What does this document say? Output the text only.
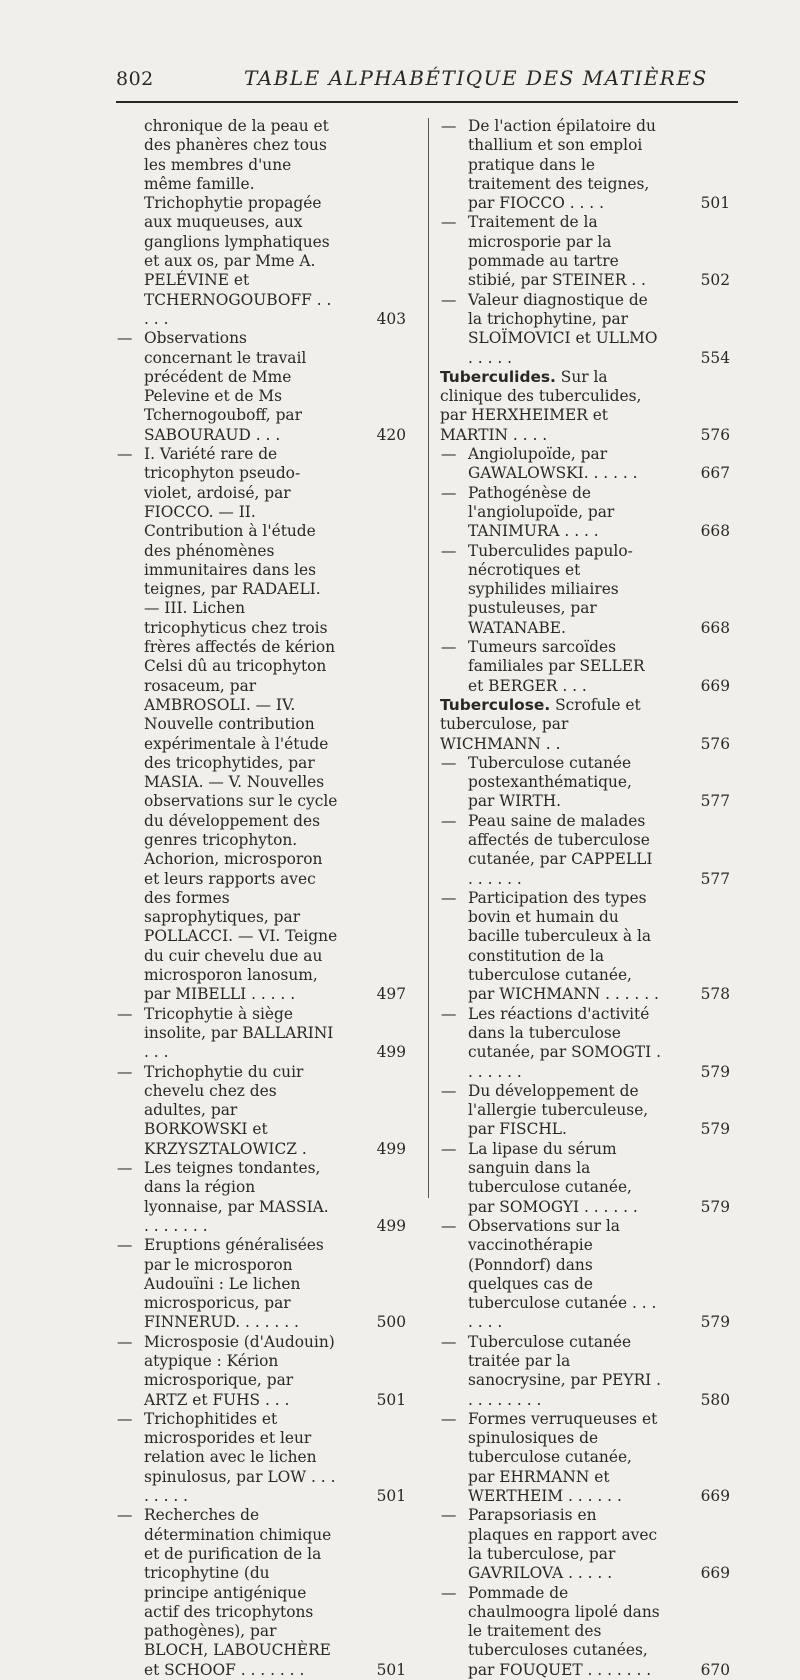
802	TABLE ALPHABÉTIQUE DES MATIÈRES
chronique de la peau et des phanères chez tous les membres d'une même famille. Trichophytie propagée aux muqueuses, aux ganglions lymphatiques et aux os, par Mme A. PELÉVINE et TCHERNOGOUBOFF . . . . .	403
— Observations concernant le travail précédent de Mme Pelevine et de Ms Tchernogouboff, par SABOURAUD . . .	420
— I. Variété rare de tricophyton pseudo-violet, ardoisé, par FIOCCO. — II. Contribution à l'étude des phénomènes immunitaires dans les teignes, par RADAELI. — III. Lichen tricophyticus chez trois frères affectés de kérion Celsi dû au tricophyton rosaceum, par AMBROSOLI. — IV. Nouvelle contribution expérimentale à l'étude des tricophytides, par MASIA. — V. Nouvelles observations sur le cycle du développement des genres tricophyton. Achorion, microsporon et leurs rapports avec des formes saprophytiques, par POLLACCI. — VI. Teigne du cuir chevelu due au microsporon lanosum, par MIBELLI . . . . .	497
— Tricophytie à siège insolite, par BALLARINI . . .	499
— Trichophytie du cuir chevelu chez des adultes, par BORKOWSKI et KRZYSZTALOWICZ .	499
— Les teignes tondantes, dans la région lyonnaise, par MASSIA. . . . . . . .	499
— Eruptions généralisées par le microsporon Audouïni : Le lichen microsporicus, par FINNERUD. . . . . . .	500
— Microsposie (d'Audouin) atypique : Kérion microsporique, par ARTZ et FUHS . . .	501
— Trichophitides et microsporides et leur relation avec le lichen spinulosus, par LOW . . . . . . . .	501
— Recherches de détermination chimique et de purification de la tricophytine (du principe antigénique actif des tricophytons pathogènes), par BLOCH, LABOUCHÈRE et SCHOOF . . . . . . .	501
— De l'action épilatoire du thallium et son emploi pratique dans le traitement des teignes, par FIOCCO . . . .	501
— Traitement de la microsporie par la pommade au tartre stibié, par STEINER . .	502
— Valeur diagnostique de la trichophytine, par SLOÏMOVICI et ULLMO . . . . .	554
Tuberculides. Sur la clinique des tuberculides, par HERXHEIMER et MARTIN . . . .	576
— Angiolupoïde, par GAWALOWSKI. . . . . .	667
— Pathogénèse de l'angiolupoïde, par TANIMURA . . . .	668
— Tuberculides papulo-nécrotiques et syphilides miliaires pustuleuses, par WATANABE.	668
— Tumeurs sarcoïdes familiales par SELLER et BERGER . . .	669
Tuberculose. Scrofule et tuberculose, par WICHMANN . .	576
— Tuberculose cutanée postexanthématique, par WIRTH.	577
— Peau saine de malades affectés de tuberculose cutanée, par CAPPELLI . . . . . .	577
— Participation des types bovin et humain du bacille tuberculeux à la constitution de la tuberculose cutanée, par WICHMANN . . . . . .	578
— Les réactions d'activité dans la tuberculose cutanée, par SOMOGTI . . . . . . .	579
— Du développement de l'allergie tuberculeuse, par FISCHL.	579
— La lipase du sérum sanguin dans la tuberculose cutanée, par SOMOGYI . . . . . .	579
— Observations sur la vaccinothérapie (Ponndorf) dans quelques cas de tuberculose cutanée . . . . . . .	579
— Tuberculose cutanée traitée par la sanocrysine, par PEYRI . . . . . . . . .	580
— Formes verruqueuses et spinulosiques de tuberculose cutanée, par EHRMANN et WERTHEIM . . . . . .	669
— Parapsoriasis en plaques en rapport avec la tuberculose, par GAVRILOVA . . . . .	669
— Pommade de chaulmoogra lipolé dans le traitement des tuberculoses cutanées, par FOUQUET . . . . . . .	670
